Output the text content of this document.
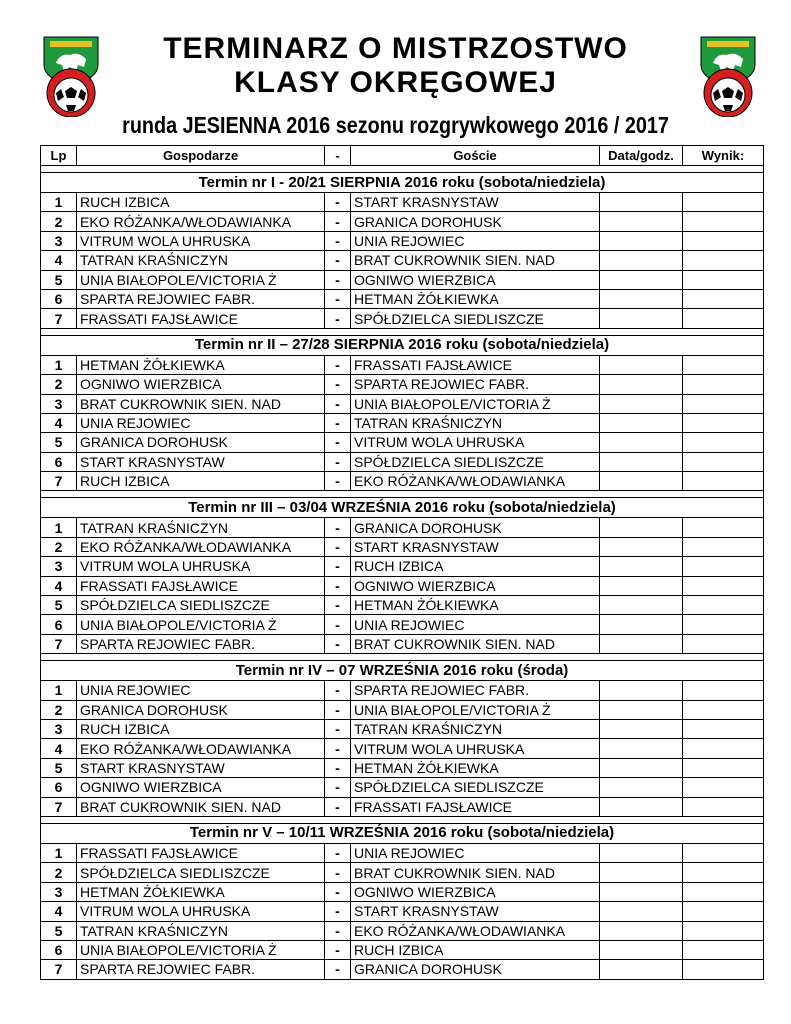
TERMINARZ O MISTRZOSTWO
KLASY OKRĘGOWEJ
runda JESIENNA 2016 sezonu rozgrywkowego 2016 / 2017
Lp	Gospodarze	-	Goście	Data/godz.	Wynik:

Termin nr I - 20/21 SIERPNIA 2016 roku (sobota/niedziela)					
1	RUCH IZBICA	-	START KRASNYSTAW		
2	EKO RÓŻANKA/WŁODAWIANKA	-	GRANICA DOROHUSK		
3	VITRUM WOLA UHRUSKA	-	UNIA REJOWIEC		
4	TATRAN KRAŚNICZYN	-	BRAT CUKROWNIK SIEN. NAD		
5	UNIA BIAŁOPOLE/VICTORIA Ż	-	OGNIWO WIERZBICA		
6	SPARTA REJOWIEC FABR.	-	HETMAN ŻÓŁKIEWKA		
7	FRASSATI FAJSŁAWICE	-	SPÓŁDZIELCA SIEDLISZCZE		

Termin nr II – 27/28 SIERPNIA 2016 roku (sobota/niedziela)					
1	HETMAN ŻÓŁKIEWKA	-	FRASSATI FAJSŁAWICE		
2	OGNIWO WIERZBICA	-	SPARTA REJOWIEC FABR.		
3	BRAT CUKROWNIK SIEN. NAD	-	UNIA BIAŁOPOLE/VICTORIA Ż		
4	UNIA REJOWIEC	-	TATRAN KRAŚNICZYN		
5	GRANICA DOROHUSK	-	VITRUM WOLA UHRUSKA		
6	START KRASNYSTAW	-	SPÓŁDZIELCA SIEDLISZCZE		
7	RUCH IZBICA	-	EKO RÓŻANKA/WŁODAWIANKA		

Termin nr III – 03/04 WRZEŚNIA 2016 roku (sobota/niedziela)					
1	TATRAN KRAŚNICZYN	-	GRANICA DOROHUSK		
2	EKO RÓŻANKA/WŁODAWIANKA	-	START KRASNYSTAW		
3	VITRUM WOLA UHRUSKA	-	RUCH IZBICA		
4	FRASSATI FAJSŁAWICE	-	OGNIWO WIERZBICA		
5	SPÓŁDZIELCA SIEDLISZCZE	-	HETMAN ŻÓŁKIEWKA		
6	UNIA BIAŁOPOLE/VICTORIA Ż	-	UNIA REJOWIEC		
7	SPARTA REJOWIEC FABR.	-	BRAT CUKROWNIK SIEN. NAD		

Termin nr IV – 07 WRZEŚNIA 2016 roku (środa)					
1	UNIA REJOWIEC	-	SPARTA REJOWIEC FABR.		
2	GRANICA DOROHUSK	-	UNIA BIAŁOPOLE/VICTORIA Ż		
3	RUCH IZBICA	-	TATRAN KRAŚNICZYN		
4	EKO RÓŻANKA/WŁODAWIANKA	-	VITRUM WOLA UHRUSKA		
5	START KRASNYSTAW	-	HETMAN ŻÓŁKIEWKA		
6	OGNIWO WIERZBICA	-	SPÓŁDZIELCA SIEDLISZCZE		
7	BRAT CUKROWNIK SIEN. NAD	-	FRASSATI FAJSŁAWICE		

Termin nr V – 10/11 WRZEŚNIA 2016 roku (sobota/niedziela)					
1	FRASSATI FAJSŁAWICE	-	UNIA REJOWIEC		
2	SPÓŁDZIELCA SIEDLISZCZE	-	BRAT CUKROWNIK SIEN. NAD		
3	HETMAN ŻÓŁKIEWKA	-	OGNIWO WIERZBICA		
4	VITRUM WOLA UHRUSKA	-	START KRASNYSTAW		
5	TATRAN KRAŚNICZYN	-	EKO RÓŻANKA/WŁODAWIANKA		
6	UNIA BIAŁOPOLE/VICTORIA Ż	-	RUCH IZBICA		
7	SPARTA REJOWIEC FABR.	-	GRANICA DOROHUSK		
